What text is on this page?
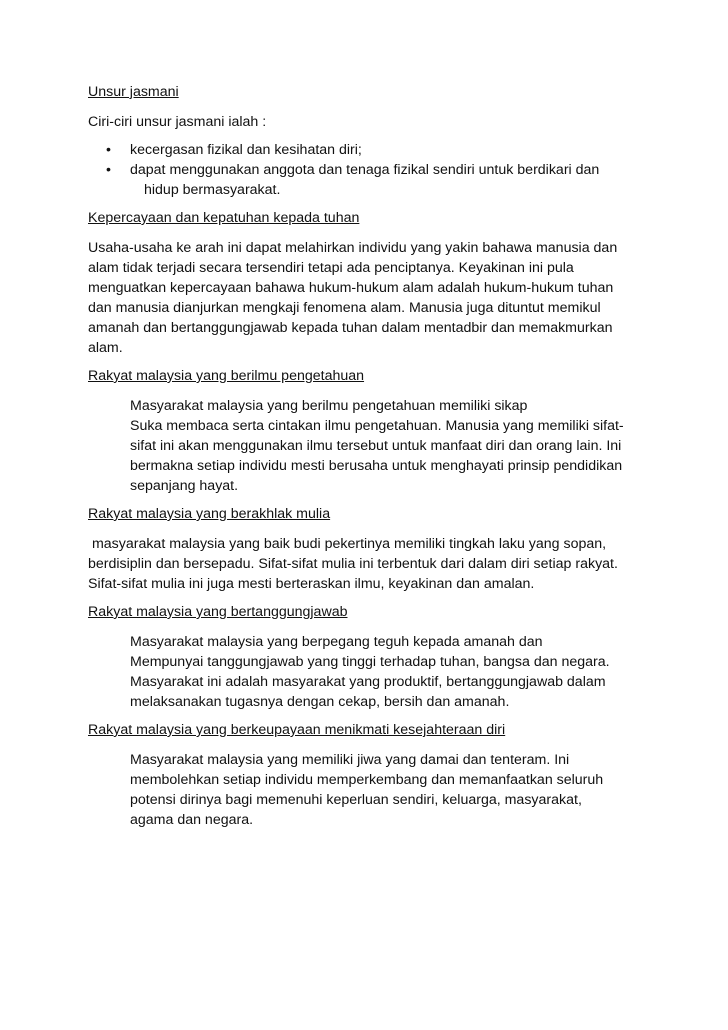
Unsur jasmani
Ciri-ciri unsur jasmani ialah :
• kecergasan fizikal dan kesihatan diri;
• dapat menggunakan anggota dan tenaga fizikal sendiri untuk berdikari dan
hidup bermasyarakat.
Kepercayaan dan kepatuhan kepada tuhan
Usaha-usaha ke arah ini dapat melahirkan individu yang yakin bahawa manusia dan
alam tidak terjadi secara tersendiri tetapi ada penciptanya. Keyakinan ini pula
menguatkan kepercayaan bahawa hukum-hukum alam adalah hukum-hukum tuhan
dan manusia dianjurkan mengkaji fenomena alam. Manusia juga dituntut memikul
amanah dan bertanggungjawab kepada tuhan dalam mentadbir dan memakmurkan
alam.
Rakyat malaysia yang berilmu pengetahuan
Masyarakat malaysia yang berilmu pengetahuan memiliki sikap
Suka membaca serta cintakan ilmu pengetahuan. Manusia yang memiliki sifat-
sifat ini akan menggunakan ilmu tersebut untuk manfaat diri dan orang lain. Ini
bermakna setiap individu mesti berusaha untuk menghayati prinsip pendidikan
sepanjang hayat.
Rakyat malaysia yang berakhlak mulia
masyarakat malaysia yang baik budi pekertinya memiliki tingkah laku yang sopan,
berdisiplin dan bersepadu. Sifat-sifat mulia ini terbentuk dari dalam diri setiap rakyat.
Sifat-sifat mulia ini juga mesti berteraskan ilmu, keyakinan dan amalan.
Rakyat malaysia yang bertanggungjawab
Masyarakat malaysia yang berpegang teguh kepada amanah dan
Mempunyai tanggungjawab yang tinggi terhadap tuhan, bangsa dan negara.
Masyarakat ini adalah masyarakat yang produktif, bertanggungjawab dalam
melaksanakan tugasnya dengan cekap, bersih dan amanah.
Rakyat malaysia yang berkeupayaan menikmati kesejahteraan diri
Masyarakat malaysia yang memiliki jiwa yang damai dan tenteram. Ini
membolehkan setiap individu memperkembang dan memanfaatkan seluruh
potensi dirinya bagi memenuhi keperluan sendiri, keluarga, masyarakat,
agama dan negara.
